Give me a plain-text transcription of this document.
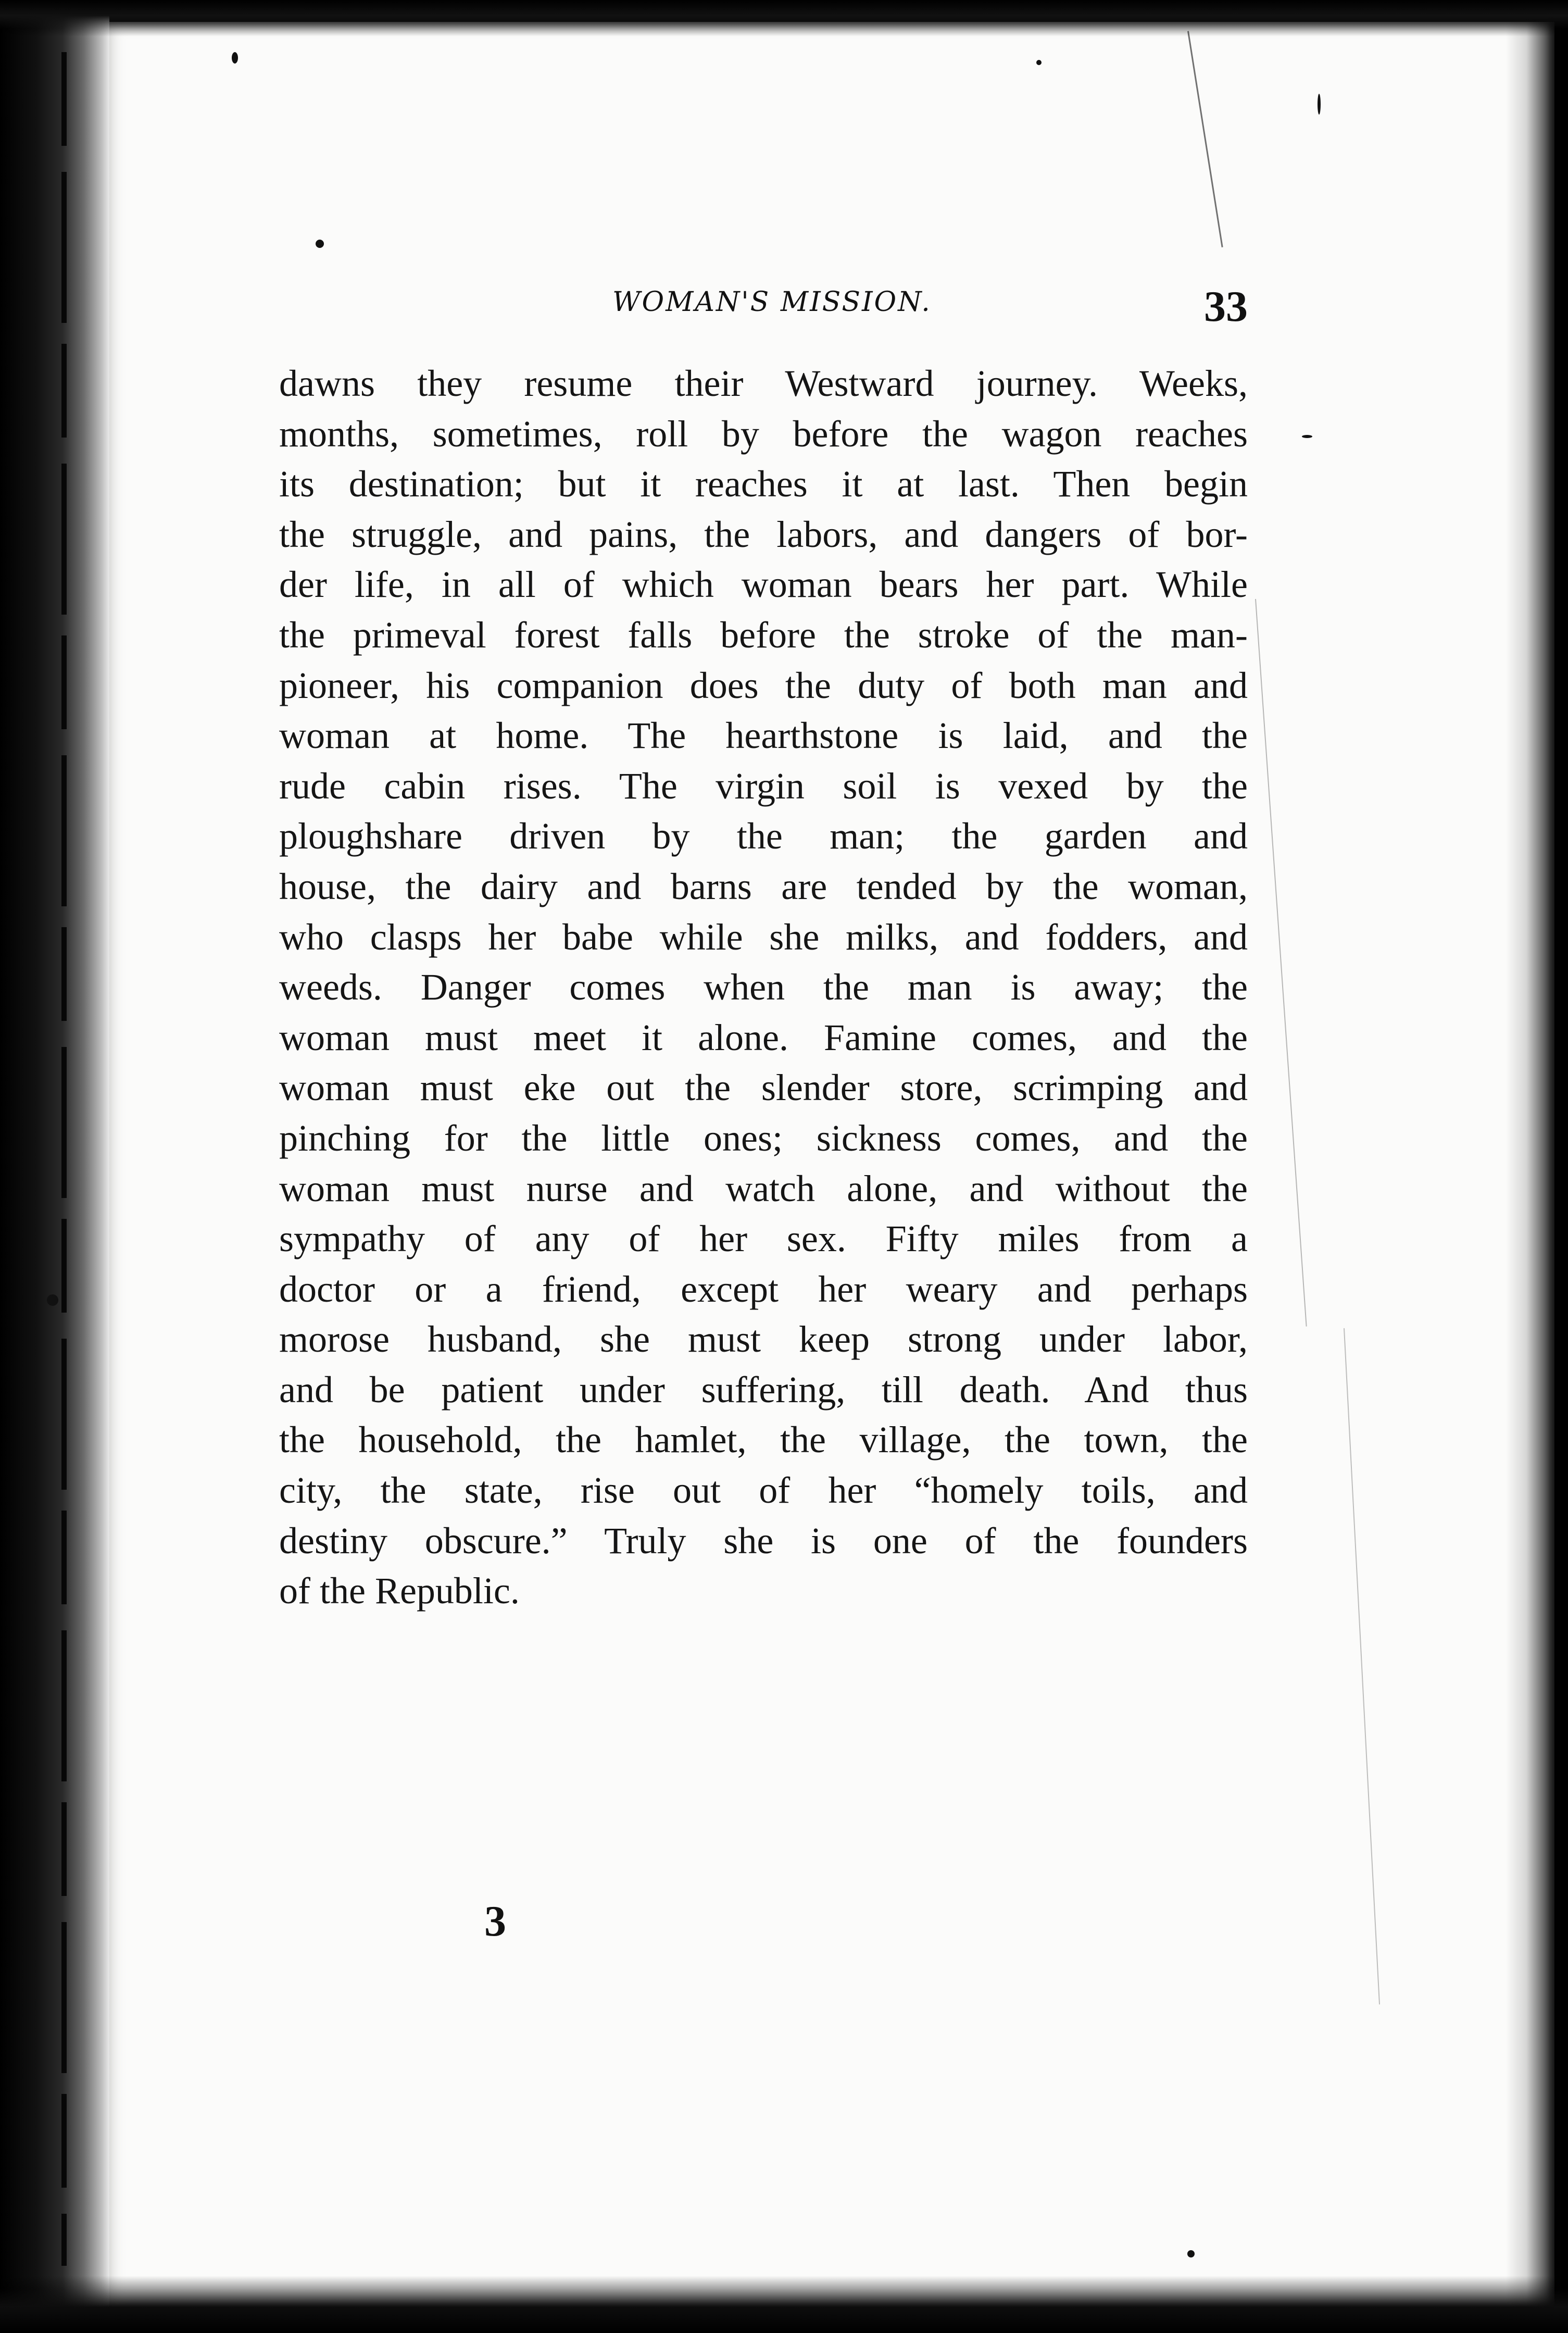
WOMAN'S MISSION.	33
dawns they resume their Westward journey. Weeks,
months, sometimes, roll by before the wagon reaches
its destination; but it reaches it at last. Then begin
the struggle, and pains, the labors, and dangers of bor-
der life, in all of which woman bears her part. While
the primeval forest falls before the stroke of the man-
pioneer, his companion does the duty of both man and
woman at home. The hearthstone is laid, and the
rude cabin rises. The virgin soil is vexed by the
ploughshare driven by the man; the garden and
house, the dairy and barns are tended by the woman,
who clasps her babe while she milks, and fodders, and
weeds. Danger comes when the man is away; the
woman must meet it alone. Famine comes, and the
woman must eke out the slender store, scrimping and
pinching for the little ones; sickness comes, and the
woman must nurse and watch alone, and without the
sympathy of any of her sex. Fifty miles from a
doctor or a friend, except her weary and perhaps
morose husband, she must keep strong under labor,
and be patient under suffering, till death. And thus
the household, the hamlet, the village, the town, the
city, the state, rise out of her “homely toils, and
destiny obscure.” Truly she is one of the founders
of the Republic.
3
